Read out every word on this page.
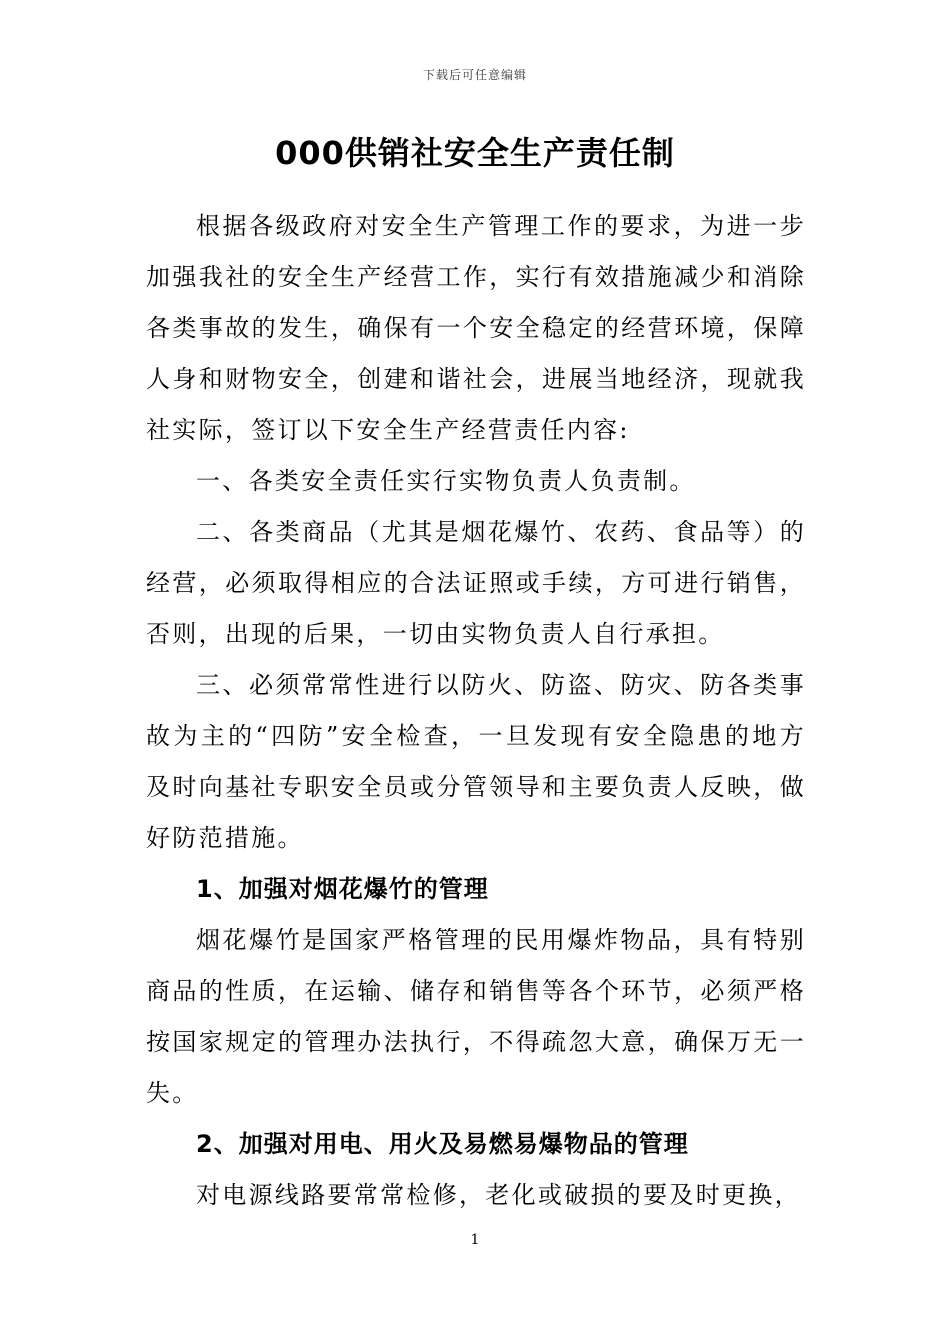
下载后可任意编辑
000供销社安全生产责任制

根据各级政府对安全生产管理工作的要求，为进一步加强我社的安全生产经营工作，实行有效措施减少和消除各类事故的发生，确保有一个安全稳定的经营环境，保障人身和财物安全，创建和谐社会，进展当地经济，现就我社实际，签订以下安全生产经营责任内容:

一、各类安全责任实行实物负责人负责制。

二、各类商品（尤其是烟花爆竹、农药、食品等）的经营，必须取得相应的合法证照或手续，方可进行销售，否则，出现的后果，一切由实物负责人自行承担。

三、必须常常性进行以防火、防盗、防灾、防各类事故为主的“四防”安全检查，一旦发现有安全隐患的地方及时向基社专职安全员或分管领导和主要负责人反映，做好防范措施。

1、加强对烟花爆竹的管理

烟花爆竹是国家严格管理的民用爆炸物品，具有特别商品的性质，在运输、储存和销售等各个环节，必须严格按国家规定的管理办法执行，不得疏忽大意，确保万无一失。

2、加强对用电、用火及易燃易爆物品的管理

对电源线路要常常检修，老化或破损的要及时更换，

1
